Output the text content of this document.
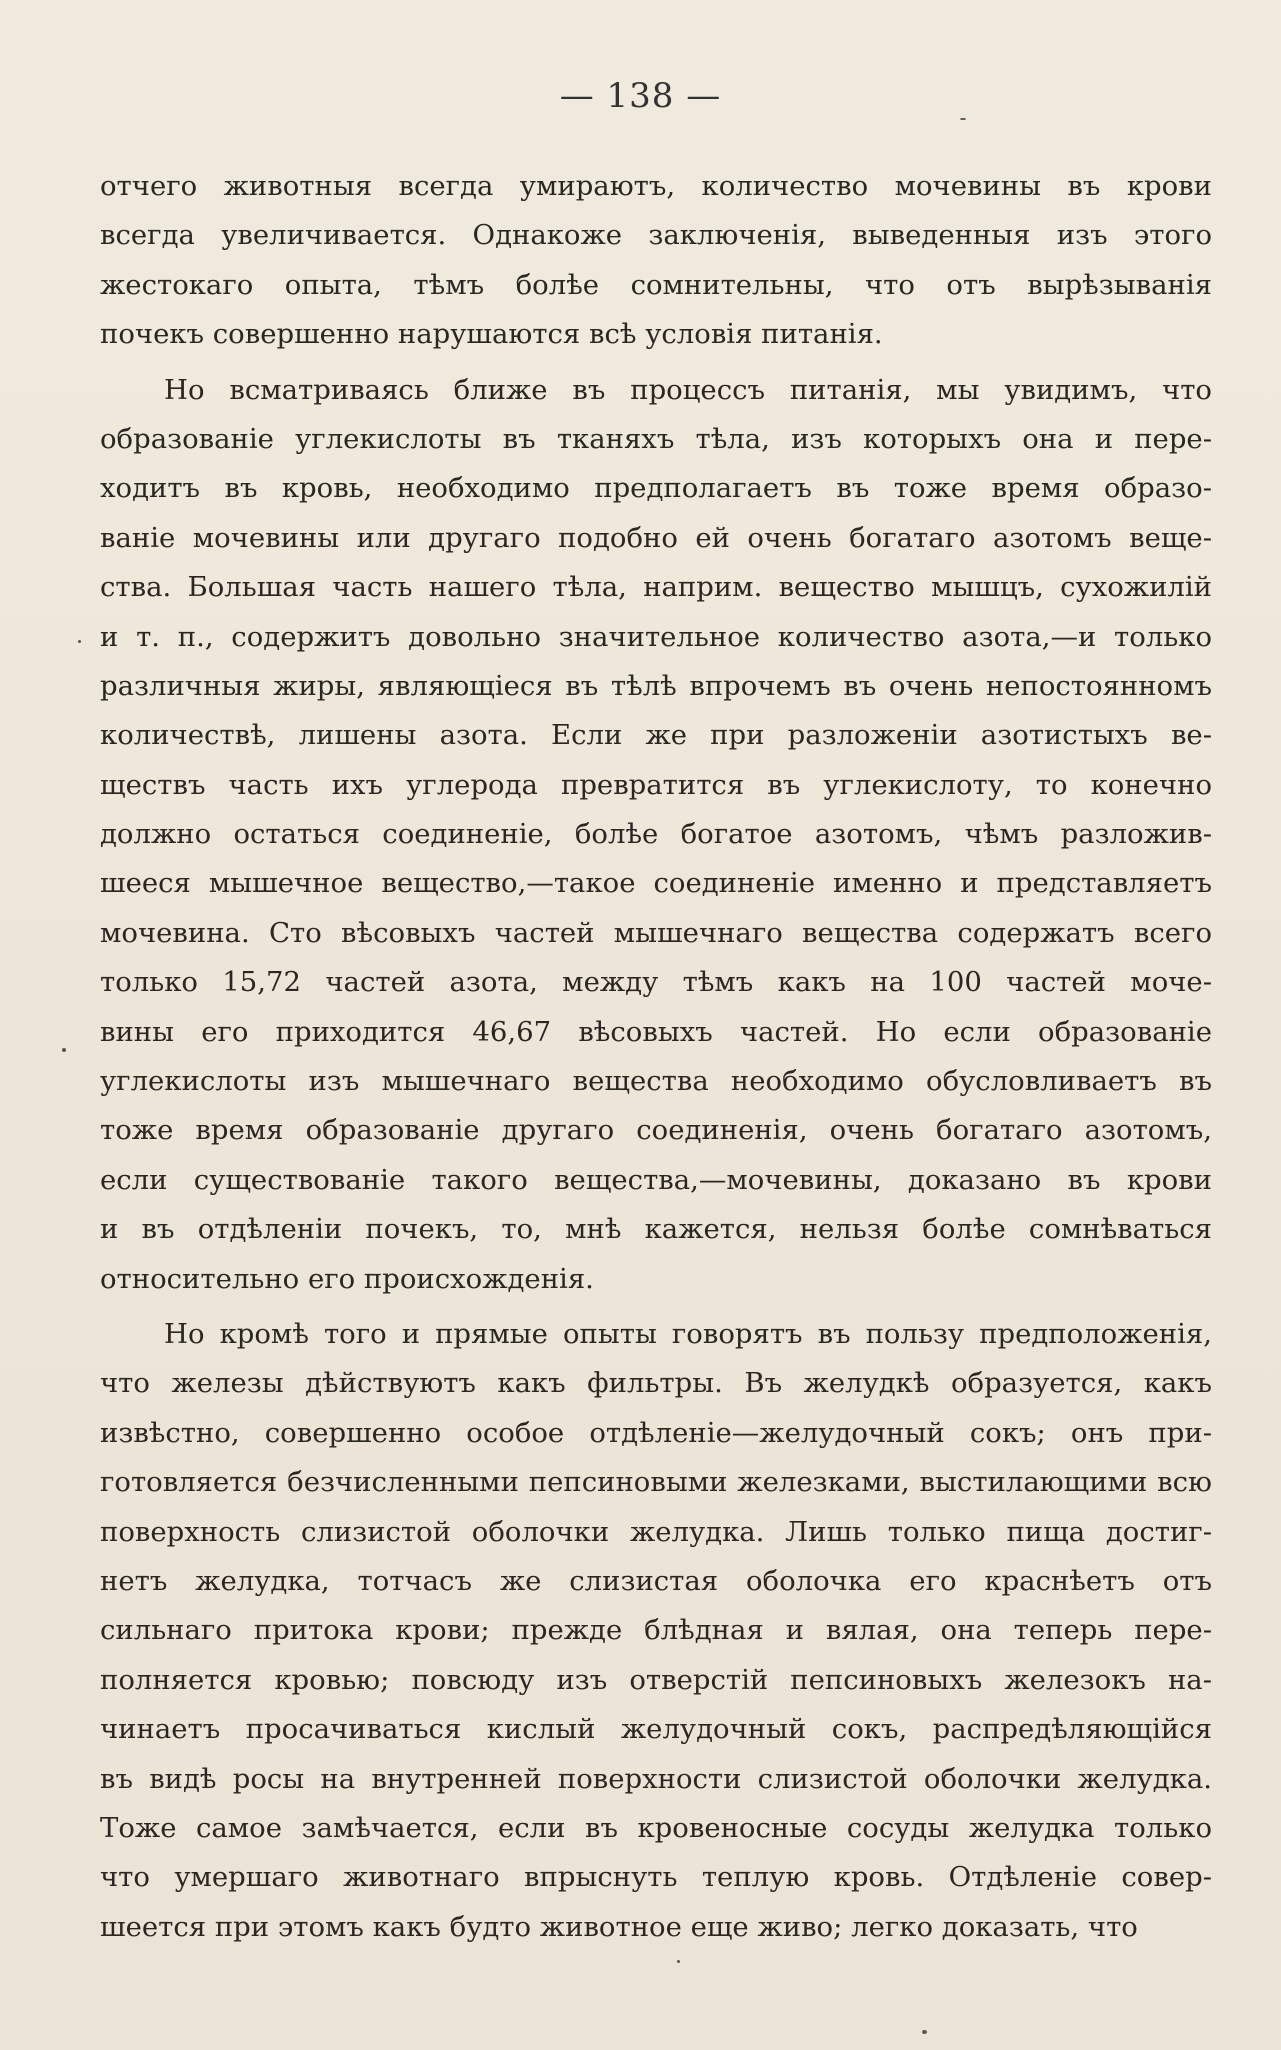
— 138 —
отчего животныя всегда умираютъ, количество мочевины въ крови
всегда увеличивается. Однакоже заключенія, выведенныя изъ этого
жестокаго опыта, тѣмъ болѣе сомнительны, что отъ вырѣзыванія
почекъ совершенно нарушаются всѣ условія питанія.
Но всматриваясь ближе въ процессъ питанія, мы увидимъ, что
образованіе углекислоты въ тканяхъ тѣла, изъ которыхъ она и пере-
ходитъ въ кровь, необходимо предполагаетъ въ тоже время образо-
ваніе мочевины или другаго подобно ей очень богатаго азотомъ веще-
ства. Большая часть нашего тѣла, наприм. вещество мышцъ, сухожилій
и т. п., содержитъ довольно значительное количество азота,—и только
различныя жиры, являющіеся въ тѣлѣ впрочемъ въ очень непостоянномъ
количествѣ, лишены азота. Если же при разложеніи азотистыхъ ве-
ществъ часть ихъ углерода превратится въ углекислоту, то конечно
должно остаться соединеніе, болѣе богатое азотомъ, чѣмъ разложив-
шееся мышечное вещество,—такое соединеніе именно и представляетъ
мочевина. Сто вѣсовыхъ частей мышечнаго вещества содержатъ всего
только 15,72 частей азота, между тѣмъ какъ на 100 частей моче-
вины его приходится 46,67 вѣсовыхъ частей. Но если образованіе
углекислоты изъ мышечнаго вещества необходимо обусловливаетъ въ
тоже время образованіе другаго соединенія, очень богатаго азотомъ,
если существованіе такого вещества,—мочевины, доказано въ крови
и въ отдѣленіи почекъ, то, мнѣ кажется, нельзя болѣе сомнѣваться
относительно его происхожденія.
Но кромѣ того и прямые опыты говорятъ въ пользу предположенія,
что железы дѣйствуютъ какъ фильтры. Въ желудкѣ образуется, какъ
извѣстно, совершенно особое отдѣленіе—желудочный сокъ; онъ при-
готовляется безчисленными пепсиновыми железками, выстилающими всю
поверхность слизистой оболочки желудка. Лишь только пища достиг-
нетъ желудка, тотчасъ же слизистая оболочка его краснѣетъ отъ
сильнаго притока крови; прежде блѣдная и вялая, она теперь пере-
полняется кровью; повсюду изъ отверстій пепсиновыхъ железокъ на-
чинаетъ просачиваться кислый желудочный сокъ, распредѣляющійся
въ видѣ росы на внутренней поверхности слизистой оболочки желудка.
Тоже самое замѣчается, если въ кровеносные сосуды желудка только
что умершаго животнаго впрыснуть теплую кровь. Отдѣленіе совер-
шеется при этомъ какъ будто животное еще живо; легко доказать, что
